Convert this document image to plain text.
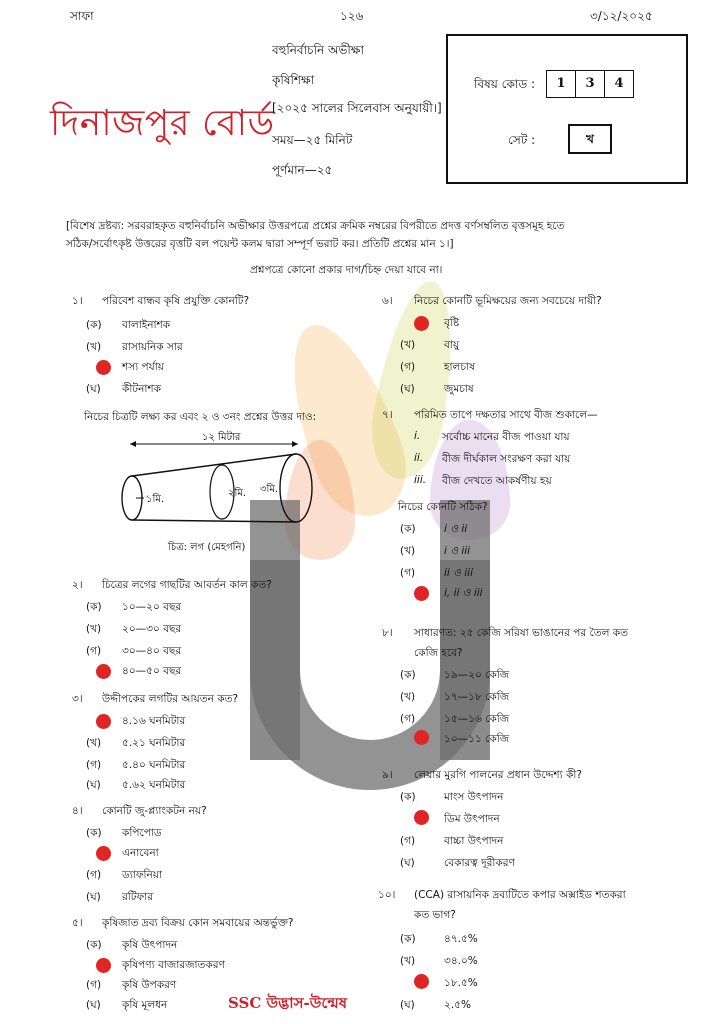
সাফা	১২৬	৩/১২/২০২৫
দিনাজপুর বোর্ড
বহুনির্বাচনি অভীক্ষা
কৃষিশিক্ষা
[২০২৫ সালের সিলেবাস অনুযায়ী।]
সময়—২৫ মিনিট
পূর্ণমান—২৫
বিষয় কোড :	1	3	4
সেট :	খ
[বিশেষ দ্রষ্টব্য: সরবরাহকৃত বহুনির্বাচনি অভীক্ষার উত্তরপত্রে প্রশ্নের ক্রমিক নম্বরের বিপরীতে প্রদত্ত বর্ণসম্বলিত বৃত্তসমূহ হতে
সঠিক/সর্বোৎকৃষ্ট উত্তরের বৃত্তটি বল পয়েন্ট কলম দ্বারা সম্পূর্ণ ভরাট কর। প্রতিটি প্রশ্নের মান ১।]
প্রশ্নপত্রে কোনো প্রকার দাগ/চিহ্ন দেয়া যাবে না।
১। পরিবেশ বান্ধব কৃষি প্রযুক্তি কোনটি?
(ক) বালাইনাশক
(খ) রাসায়নিক সার
শস্য পর্যায়
(ঘ) কীটনাশক
নিচের চিত্রটি লক্ষ্য কর এবং ২ ও ৩নং প্রশ্নের উত্তর দাও:
১২ মিটার
১মি.
২মি. ৩মি.
চিত্র: লগ (মেহগনি)
২। চিত্রের লগের গাছটির আবর্তন কাল কত?
(ক) ১০—২০ বছর
(খ) ২০—৩০ বছর
(গ) ৩০—৪০ বছর
৪০—৫০ বছর
৩। উদ্দীপকের লগটির আয়তন কত?
৪.১৬ ঘনমিটার
(খ) ৫.২১ ঘনমিটার
(গ) ৫.৪০ ঘনমিটার
(ঘ) ৫.৬২ ঘনমিটার
৪। কোনটি জু-প্ল্যাংকটন নয়?
(ক) কপিপোড
এনাবেনা
(গ) ড্যাফনিয়া
(ঘ) রটিফার
৫। কৃষিজাত দ্রব্য বিক্রয় কোন সমবায়ের অন্তর্ভুক্ত?
(ক) কৃষি উৎপাদন
কৃষিপণ্য বাজারজাতকরণ
(গ) কৃষি উপকরণ
(ঘ) কৃষি মূলধন
৬। নিচের কোনটি ভূমিক্ষয়ের জন্য সবচেয়ে দায়ী?
বৃষ্টি
(খ)	বায়ু
(গ)	হালচাষ
(ঘ)	জুমচাষ
৭। পরিমিত তাপে দক্ষতার সাথে বীজ শুকালে—
i. সর্বোচ্চ মানের বীজ পাওয়া যায়
ii. বীজ দীর্ঘকাল সংরক্ষণ করা যায়
iii. বীজ দেখতে আকর্ষণীয় হয়
নিচের কোনটি সঠিক?
(ক)	i ও ii
(খ)	i ও iii
(গ)	ii ও iii
i, ii ও iii
৮। সাধারণত: ২৫ কেজি সরিষা ভাঙানের পর তৈল কত
কেজি হবে?
(ক)	১৯—২০ কেজি
(খ)	১৭—১৮ কেজি
(গ)	১৫—১৬ কেজি
১০—১১ কেজি
৯। লেয়ার মুরগি পালনের প্রধান উদ্দেশ্য কী?
(ক)	মাংস উৎপাদন
ডিম উৎপাদন
(গ)	বাচ্চা উৎপাদন
(ঘ)	বেকারত্ব দূরীকরণ
১০। (CCA) রাসায়নিক দ্রব্যটিতে কপার অক্সাইড শতকরা
কত ভাগ?
(ক)	৪৭.৫%
(খ)	৩৪.০%
১৮.৫%
(ঘ)	২.৫%
SSC উদ্ভাস-উন্মেষ
